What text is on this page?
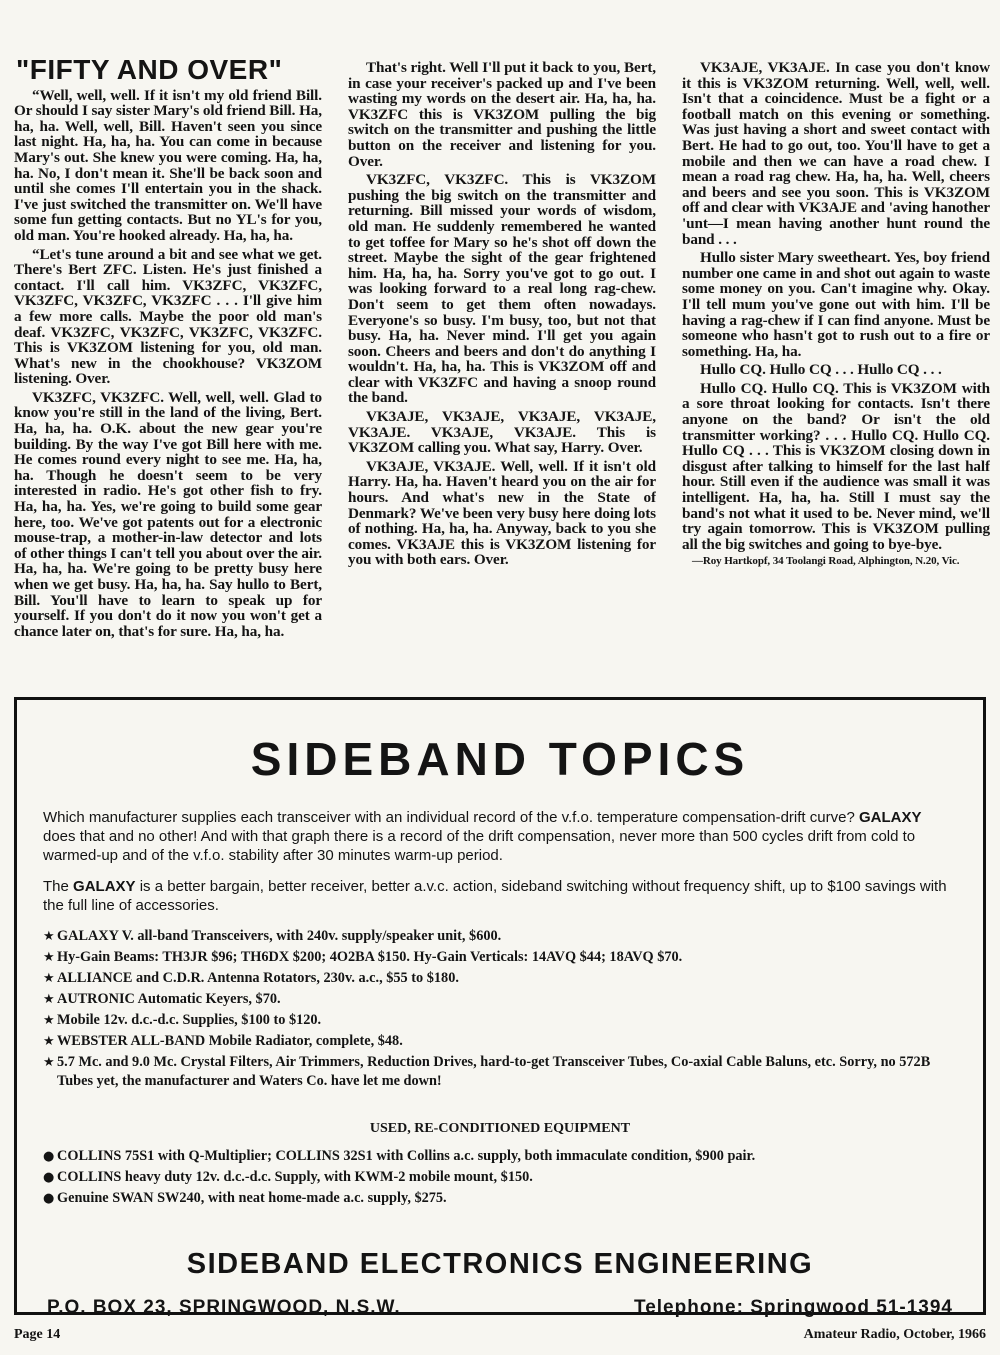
"FIFTY AND OVER"

“Well, well, well. If it isn't my old friend Bill. Or should I say sister Mary's old friend Bill. Ha, ha, ha. Well, well, Bill. Haven't seen you since last night. Ha, ha, ha. You can come in because Mary's out. She knew you were coming. Ha, ha, ha. No, I don't mean it. She'll be back soon and until she comes I'll entertain you in the shack. I've just switched the transmitter on. We'll have some fun getting contacts. But no YL's for you, old man. You're hooked already. Ha, ha, ha.

“Let's tune around a bit and see what we get. There's Bert ZFC. Listen. He's just finished a contact. I'll call him. VK3ZFC, VK3ZFC, VK3ZFC, VK3ZFC, VK3ZFC . . . I'll give him a few more calls. Maybe the poor old man's deaf. VK3ZFC, VK3ZFC, VK3ZFC, VK3ZFC. This is VK3ZOM listening for you, old man. What's new in the chookhouse? VK3ZOM listening. Over.

VK3ZFC, VK3ZFC. Well, well, well. Glad to know you're still in the land of the living, Bert. Ha, ha, ha. O.K. about the new gear you're building. By the way I've got Bill here with me. He comes round every night to see me. Ha, ha, ha. Though he doesn't seem to be very interested in radio. He's got other fish to fry. Ha, ha, ha. Yes, we're going to build some gear here, too. We've got patents out for a electronic mouse-trap, a mother-in-law detector and lots of other things I can't tell you about over the air. Ha, ha, ha. We're going to be pretty busy here when we get busy. Ha, ha, ha. Say hullo to Bert, Bill. You'll have to learn to speak up for yourself. If you don't do it now you won't get a chance later on, that's for sure. Ha, ha, ha.

That's right. Well I'll put it back to you, Bert, in case your receiver's packed up and I've been wasting my words on the desert air. Ha, ha, ha. VK3ZFC this is VK3ZOM pulling the big switch on the transmitter and pushing the little button on the receiver and listening for you. Over.

VK3ZFC, VK3ZFC. This is VK3ZOM pushing the big switch on the transmitter and returning. Bill missed your words of wisdom, old man. He suddenly remembered he wanted to get toffee for Mary so he's shot off down the street. Maybe the sight of the gear frightened him. Ha, ha, ha. Sorry you've got to go out. I was looking forward to a real long rag-chew. Don't seem to get them often nowadays. Everyone's so busy. I'm busy, too, but not that busy. Ha, ha. Never mind. I'll get you again soon. Cheers and beers and don't do anything I wouldn't. Ha, ha, ha. This is VK3ZOM off and clear with VK3ZFC and having a snoop round the band.

VK3AJE, VK3AJE, VK3AJE, VK3AJE, VK3AJE. VK3AJE, VK3AJE. This is VK3ZOM calling you. What say, Harry. Over.

VK3AJE, VK3AJE. Well, well. If it isn't old Harry. Ha, ha. Haven't heard you on the air for hours. And what's new in the State of Denmark? We've been very busy here doing lots of nothing. Ha, ha, ha. Anyway, back to you she comes. VK3AJE this is VK3ZOM listening for you with both ears. Over.

VK3AJE, VK3AJE. In case you don't know it this is VK3ZOM returning. Well, well, well. Isn't that a coincidence. Must be a fight or a football match on this evening or something. Was just having a short and sweet contact with Bert. He had to go out, too. You'll have to get a mobile and then we can have a road chew. I mean a road rag chew. Ha, ha, ha. Well, cheers and beers and see you soon. This is VK3ZOM off and clear with VK3AJE and 'aving hanother 'unt—I mean having another hunt round the band . . .

Hullo sister Mary sweetheart. Yes, boy friend number one came in and shot out again to waste some money on you. Can't imagine why. Okay. I'll tell mum you've gone out with him. I'll be having a rag-chew if I can find anyone. Must be someone who hasn't got to rush out to a fire or something. Ha, ha.

Hullo CQ. Hullo CQ . . . Hullo CQ . . .

Hullo CQ. Hullo CQ. This is VK3ZOM with a sore throat looking for contacts. Isn't there anyone on the band? Or isn't the old transmitter working? . . . Hullo CQ. Hullo CQ. Hullo CQ . . . This is VK3ZOM closing down in disgust after talking to himself for the last half hour. Still even if the audience was small it was intelligent. Ha, ha, ha. Still I must say the band's not what it used to be. Never mind, we'll try again tomorrow. This is VK3ZOM pulling all the big switches and going to bye-bye.

—Roy Hartkopf, 34 Toolangi Road, Alphington, N.20, Vic.

SIDEBAND TOPICS

Which manufacturer supplies each transceiver with an individual record of the v.f.o. temperature compensation-drift curve? GALAXY does that and no other! And with that graph there is a record of the drift compensation, never more than 500 cycles drift from cold to warmed-up and of the v.f.o. stability after 30 minutes warm-up period.

The GALAXY is a better bargain, better receiver, better a.v.c. action, sideband switching without frequency shift, up to $100 savings with the full line of accessories.

★ GALAXY V. all-band Transceivers, with 240v. supply/speaker unit, $600.
★ Hy-Gain Beams: TH3JR $96; TH6DX $200; 4O2BA $150. Hy-Gain Verticals: 14AVQ $44; 18AVQ $70.
★ ALLIANCE and C.D.R. Antenna Rotators, 230v. a.c., $55 to $180.
★ AUTRONIC Automatic Keyers, $70.
★ Mobile 12v. d.c.-d.c. Supplies, $100 to $120.
★ WEBSTER ALL-BAND Mobile Radiator, complete, $48.
★ 5.7 Mc. and 9.0 Mc. Crystal Filters, Air Trimmers, Reduction Drives, hard-to-get Transceiver Tubes, Co-axial Cable Baluns, etc. Sorry, no 572B Tubes yet, the manufacturer and Waters Co. have let me down!
USED, RE-CONDITIONED EQUIPMENT
● COLLINS 75S1 with Q-Multiplier; COLLINS 32S1 with Collins a.c. supply, both immaculate condition, $900 pair.
● COLLINS heavy duty 12v. d.c.-d.c. Supply, with KWM-2 mobile mount, $150.
● Genuine SWAN SW240, with neat home-made a.c. supply, $275.
SIDEBAND ELECTRONICS ENGINEERING
P.O. BOX 23, SPRINGWOOD, N.S.W.	Telephone: Springwood 51-1394
Page 14	Amateur Radio, October, 1966
